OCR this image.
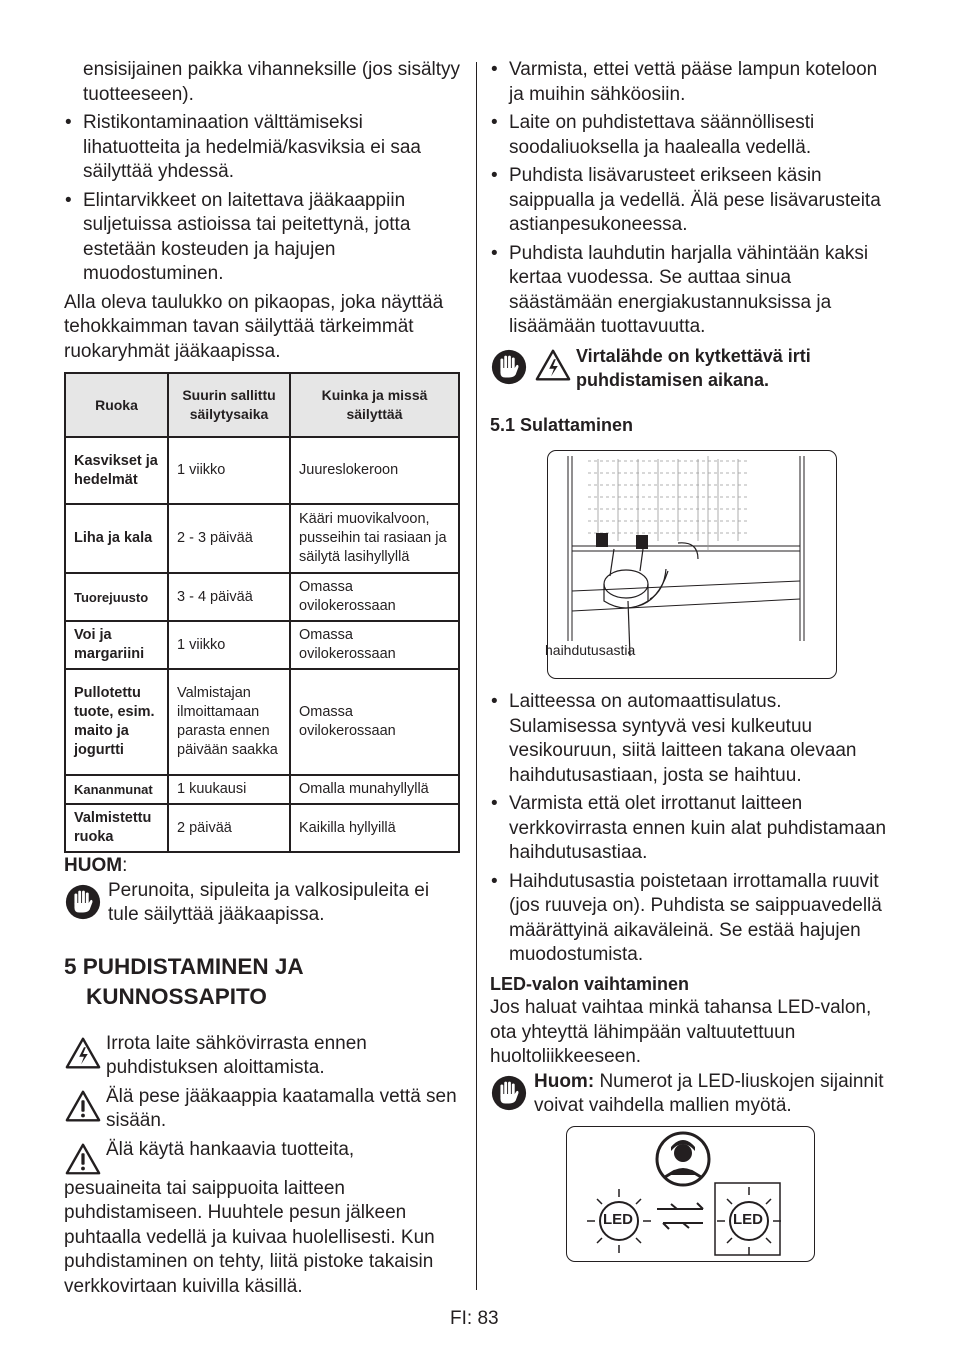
ensisijainen paikka vihanneksille (jos sisältyy tuotteeseen).

• Ristikontaminaation välttämiseksi lihatuotteita ja hedelmiä/kasviksia ei saa säilyttää yhdessä.
• Elintarvikkeet on laitettava jääkaappiin suljetuissa astioissa tai peitettynä, jotta estetään kosteuden ja hajujen muodostuminen.

Alla oleva taulukko on pikaopas, joka näyttää tehokkaimman tavan säilyttää tärkeimmät ruokaryhmät jääkaapissa.

Ruoka	Suurin sallittu säilytysaika	Kuinka ja missä säilyttää
Kasvikset ja hedelmät	1 viikko	Juureslokeroon
Liha ja kala	2 - 3 päivää	Kääri muovikalvoon, pusseihin tai rasiaan ja säilytä lasihyllyllä
Tuorejuusto	3 - 4 päivää	Omassa ovilokerossaan
Voi ja margariini	1 viikko	Omassa ovilokerossaan
Pullotettu tuote, esim. maito ja jogurtti	Valmistajan ilmoittamaan parasta ennen päivään saakka	Omassa ovilokerossaan
Kananmunat	1 kuukausi	Omalla munahyllyllä
Valmistettu ruoka	2 päivää	Kaikilla hyllyillä

HUOM:

Perunoita, sipuleita ja valkosipuleita ei tule säilyttää jääkaapissa.

5 PUHDISTAMINEN JA
KUNNOSSAPITO

Irrota laite sähkövirrasta ennen puhdistuksen aloittamista.

Älä pese jääkaappia kaatamalla vettä sen sisään.

Älä käytä hankaavia tuotteita,

pesuaineita tai saippuoita laitteen puhdistamiseen. Huuhtele pesun jälkeen puhtaalla vedellä ja kuivaa huolellisesti. Kun puhdistaminen on tehty, liitä pistoke takaisin verkkovirtaan kuivilla käsillä.

• Varmista, ettei vettä pääse lampun koteloon ja muihin sähköosiin.
• Laite on puhdistettava säännöllisesti soodaliuoksella ja haalealla vedellä.
• Puhdista lisävarusteet erikseen käsin saippualla ja vedellä. Älä pese lisävarusteita astianpesukoneessa.
• Puhdista lauhdutin harjalla vähintään kaksi kertaa vuodessa. Se auttaa sinua säästämään energiakustannuksissa ja lisäämään tuottavuutta.

Virtalähde on kytkettävä irti puhdistamisen aikana.

5.1 Sulattaminen

haihdutusastia
• Laitteessa on automaattisulatus. Sulamisessa syntyvä vesi kulkeutuu vesikouruun, siitä laitteen takana olevaan haihdutusastiaan, josta se haihtuu.
• Varmista että olet irrottanut laitteen verkkovirrasta ennen kuin alat puhdistamaan haihdutusastiaa.
• Haihdutusastia poistetaan irrottamalla ruuvit (jos ruuveja on). Puhdista se saippuavedellä määrättyinä aikaväleinä. Se estää hajujen muodostumista.

LED-valon vaihtaminen

Jos haluat vaihtaa minkä tahansa LED-valon, ota yhteyttä lähimpään valtuutettuun huoltoliikkeeseen.

Huom: Numerot ja LED-liuskojen sijainnit voivat vaihdella mallien myötä.

LED	LED
FI: 83
